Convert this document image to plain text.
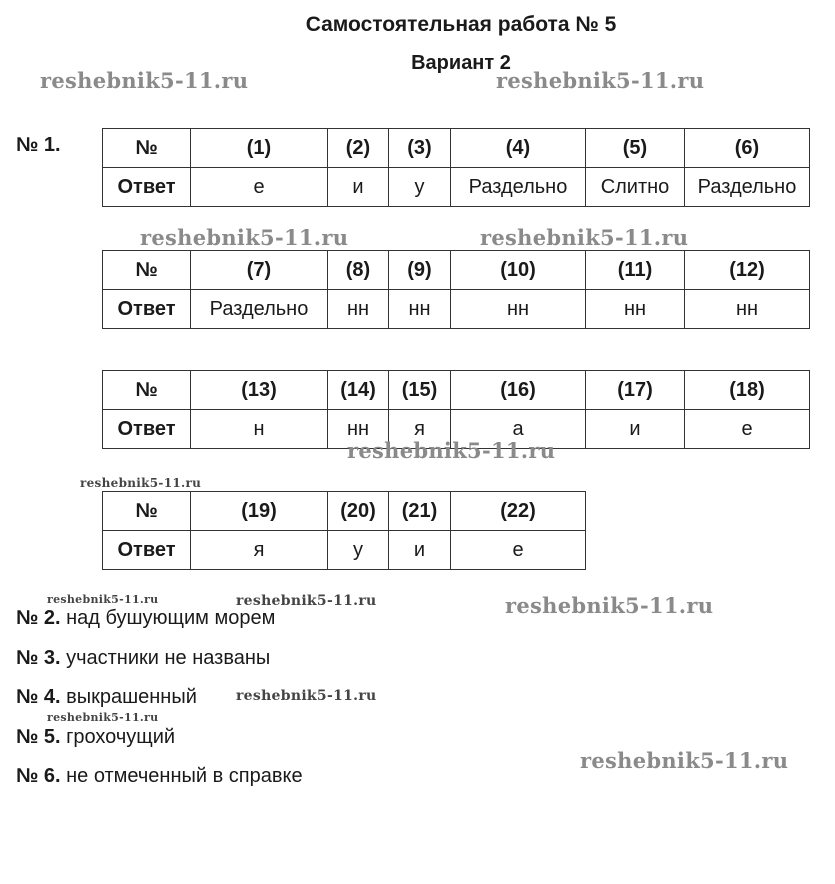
Самостоятельная работа № 5
Вариант 2
№ 1.	№	(1)	(2)	(3)	(4)	(5)	(6)
Ответ	е	и	у	Раздельно	Слитно	Раздельно
№	(7)	(8)	(9)	(10)	(11)	(12)
Ответ	Раздельно	нн	нн	нн	нн	нн
№	(13)	(14)	(15)	(16)	(17)	(18)
Ответ	н	нн	я	а	и	е
№	(19)	(20)	(21)	(22)
Ответ	я	у	и	е
№ 2. над бушующим морем
№ 3. участники не названы
№ 4. выкрашенный
№ 5. грохочущий
№ 6. не отмеченный в справке
reshebnik5-11.ru	reshebnik5-11.ru
reshebnik5-11.ru	reshebnik5-11.ru
reshebnik5-11.ru
reshebnik5-11.ru
reshebnik5-11.ru	reshebnik5-11.ru	reshebnik5-11.ru
reshebnik5-11.ru
reshebnik5-11.ru
reshebnik5-11.ru
